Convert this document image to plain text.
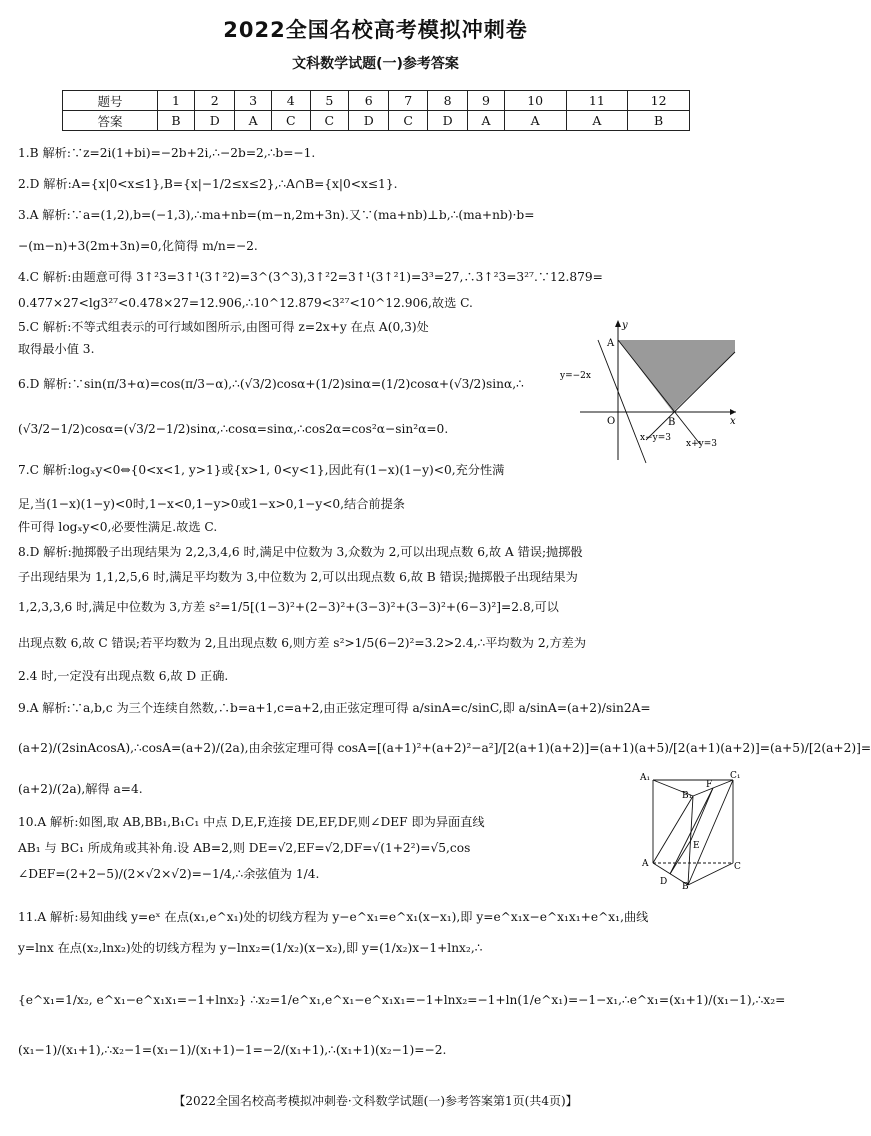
2022全国名校高考模拟冲刺卷
文科数学试题(一)参考答案
题号	1	2	3	4	5	6	7	8	9	10	11	12
答案	B	D	A	C	C	D	C	D	A	A	A	B
1.B 解析:∵z=2i(1+bi)=−2b+2i,∴−2b=2,∴b=−1.
2.D 解析:A={x|0<x≤1},B={x|−1/2≤x≤2},∴A∩B={x|0<x≤1}.
3.A 解析:∵a=(1,2),b=(−1,3),∴ma+nb=(m−n,2m+3n).又∵(ma+nb)⊥b,∴(ma+nb)·b=
−(m−n)+3(2m+3n)=0,化简得 m/n=−2.
4.C 解析:由题意可得 3↑²3=3↑¹(3↑²2)=3^(3^3),3↑²2=3↑¹(3↑²1)=3³=27,∴3↑²3=3²⁷.∵12.879=
0.477×27<lg3²⁷<0.478×27=12.906,∴10^12.879<3²⁷<10^12.906,故选 C.
5.C 解析:不等式组表示的可行域如图所示,由图可得 z=2x+y 在点 A(0,3)处
取得最小值 3.
6.D 解析:∵sin(π/3+α)=cos(π/3−α),∴(√3/2)cosα+(1/2)sinα=(1/2)cosα+(√3/2)sinα,∴
(√3/2−1/2)cosα=(√3/2−1/2)sinα,∴cosα=sinα,∴cos2α=cos²α−sin²α=0.
7.C 解析:logₓy<0⇔{0<x<1, y>1}或{x>1, 0<y<1},因此有(1−x)(1−y)<0,充分性满
足,当(1−x)(1−y)<0时,1−x<0,1−y>0或1−x>0,1−y<0,结合前提条
件可得 logₓy<0,必要性满足.故选 C.
8.D 解析:抛掷骰子出现结果为 2,2,3,4,6 时,满足中位数为 3,众数为 2,可以出现点数 6,故 A 错误;抛掷骰
子出现结果为 1,1,2,5,6 时,满足平均数为 3,中位数为 2,可以出现点数 6,故 B 错误;抛掷骰子出现结果为
1,2,3,3,6 时,满足中位数为 3,方差 s²=1/5[(1−3)²+(2−3)²+(3−3)²+(3−3)²+(6−3)²]=2.8,可以
出现点数 6,故 C 错误;若平均数为 2,且出现点数 6,则方差 s²>1/5(6−2)²=3.2>2.4,∴平均数为 2,方差为
2.4 时,一定没有出现点数 6,故 D 正确.
9.A 解析:∵a,b,c 为三个连续自然数,∴b=a+1,c=a+2,由正弦定理可得 a/sinA=c/sinC,即 a/sinA=(a+2)/sin2A=
(a+2)/(2sinAcosA),∴cosA=(a+2)/(2a),由余弦定理可得 cosA=[(a+1)²+(a+2)²−a²]/[2(a+1)(a+2)]=(a+1)(a+5)/[2(a+1)(a+2)]=(a+5)/[2(a+2)]=
(a+2)/(2a),解得 a=4.
10.A 解析:如图,取 AB,BB₁,B₁C₁ 中点 D,E,F,连接 DE,EF,DF,则∠DEF 即为异面直线
AB₁ 与 BC₁ 所成角或其补角.设 AB=2,则 DE=√2,EF=√2,DF=√(1+2²)=√5,cos
∠DEF=(2+2−5)/(2×√2×√2)=−1/4,∴余弦值为 1/4.
11.A 解析:易知曲线 y=eˣ 在点(x₁,e^x₁)处的切线方程为 y−e^x₁=e^x₁(x−x₁),即 y=e^x₁x−e^x₁x₁+e^x₁,曲线
y=lnx 在点(x₂,lnx₂)处的切线方程为 y−lnx₂=(1/x₂)(x−x₂),即 y=(1/x₂)x−1+lnx₂,∴
{e^x₁=1/x₂, e^x₁−e^x₁x₁=−1+lnx₂} ∴x₂=1/e^x₁,e^x₁−e^x₁x₁=−1+lnx₂=−1+ln(1/e^x₁)=−1−x₁,∴e^x₁=(x₁+1)/(x₁−1),∴x₂=
(x₁−1)/(x₁+1),∴x₂−1=(x₁−1)/(x₁+1)−1=−2/(x₁+1),∴(x₁+1)(x₂−1)=−2.
y
x
O
A
B
y=−2x
x−y=3
x+y=3
A₁
B₁
C₁
F
E
A
D B
C
【2022全国名校高考模拟冲刺卷·文科数学试题(一)参考答案第1页(共4页)】
